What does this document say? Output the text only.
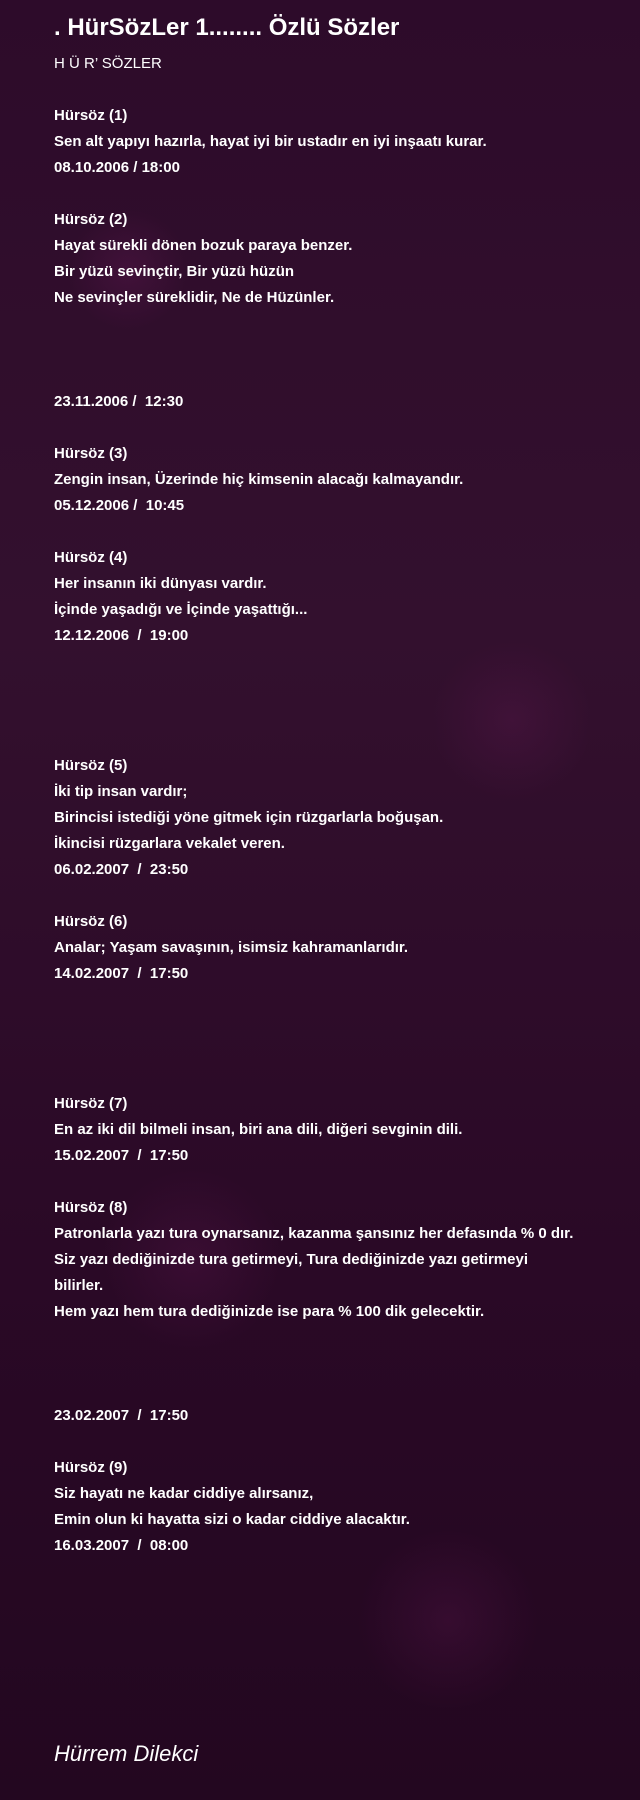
. HürSözLer 1........ Özlü Sözler
H Ü R’ SÖZLER
Hürsöz (1)
Sen alt yapıyı hazırla, hayat iyi bir ustadır en iyi inşaatı kurar.
08.10.2006 / 18:00
Hürsöz (2)
Hayat sürekli dönen bozuk paraya benzer.
Bir yüzü sevinçtir, Bir yüzü hüzün
Ne sevinçler süreklidir, Ne de Hüzünler.
23.11.2006 /  12:30
Hürsöz (3)
Zengin insan, Üzerinde hiç kimsenin alacağı kalmayandır.
05.12.2006 /  10:45
Hürsöz (4)
Her insanın iki dünyası vardır.
İçinde yaşadığı ve İçinde yaşattığı...
12.12.2006  /  19:00
Hürsöz (5)
İki tip insan vardır;
Birincisi istediği yöne gitmek için rüzgarlarla boğuşan.
İkincisi rüzgarlara vekalet veren.
06.02.2007  /  23:50
Hürsöz (6)
Analar; Yaşam savaşının, isimsiz kahramanlarıdır.
14.02.2007  /  17:50
Hürsöz (7)
En az iki dil bilmeli insan, biri ana dili, diğeri sevginin dili.
15.02.2007  /  17:50
Hürsöz (8)
Patronlarla yazı tura oynarsanız, kazanma şansınız her defasında % 0 dır.
Siz yazı dediğinizde tura getirmeyi, Tura dediğinizde yazı getirmeyi
bilirler.
Hem yazı hem tura dediğinizde ise para % 100 dik gelecektir.
23.02.2007  /  17:50
Hürsöz (9)
Siz hayatı ne kadar ciddiye alırsanız,
Emin olun ki hayatta sizi o kadar ciddiye alacaktır.
16.03.2007  /  08:00
Hürrem Dilekci
